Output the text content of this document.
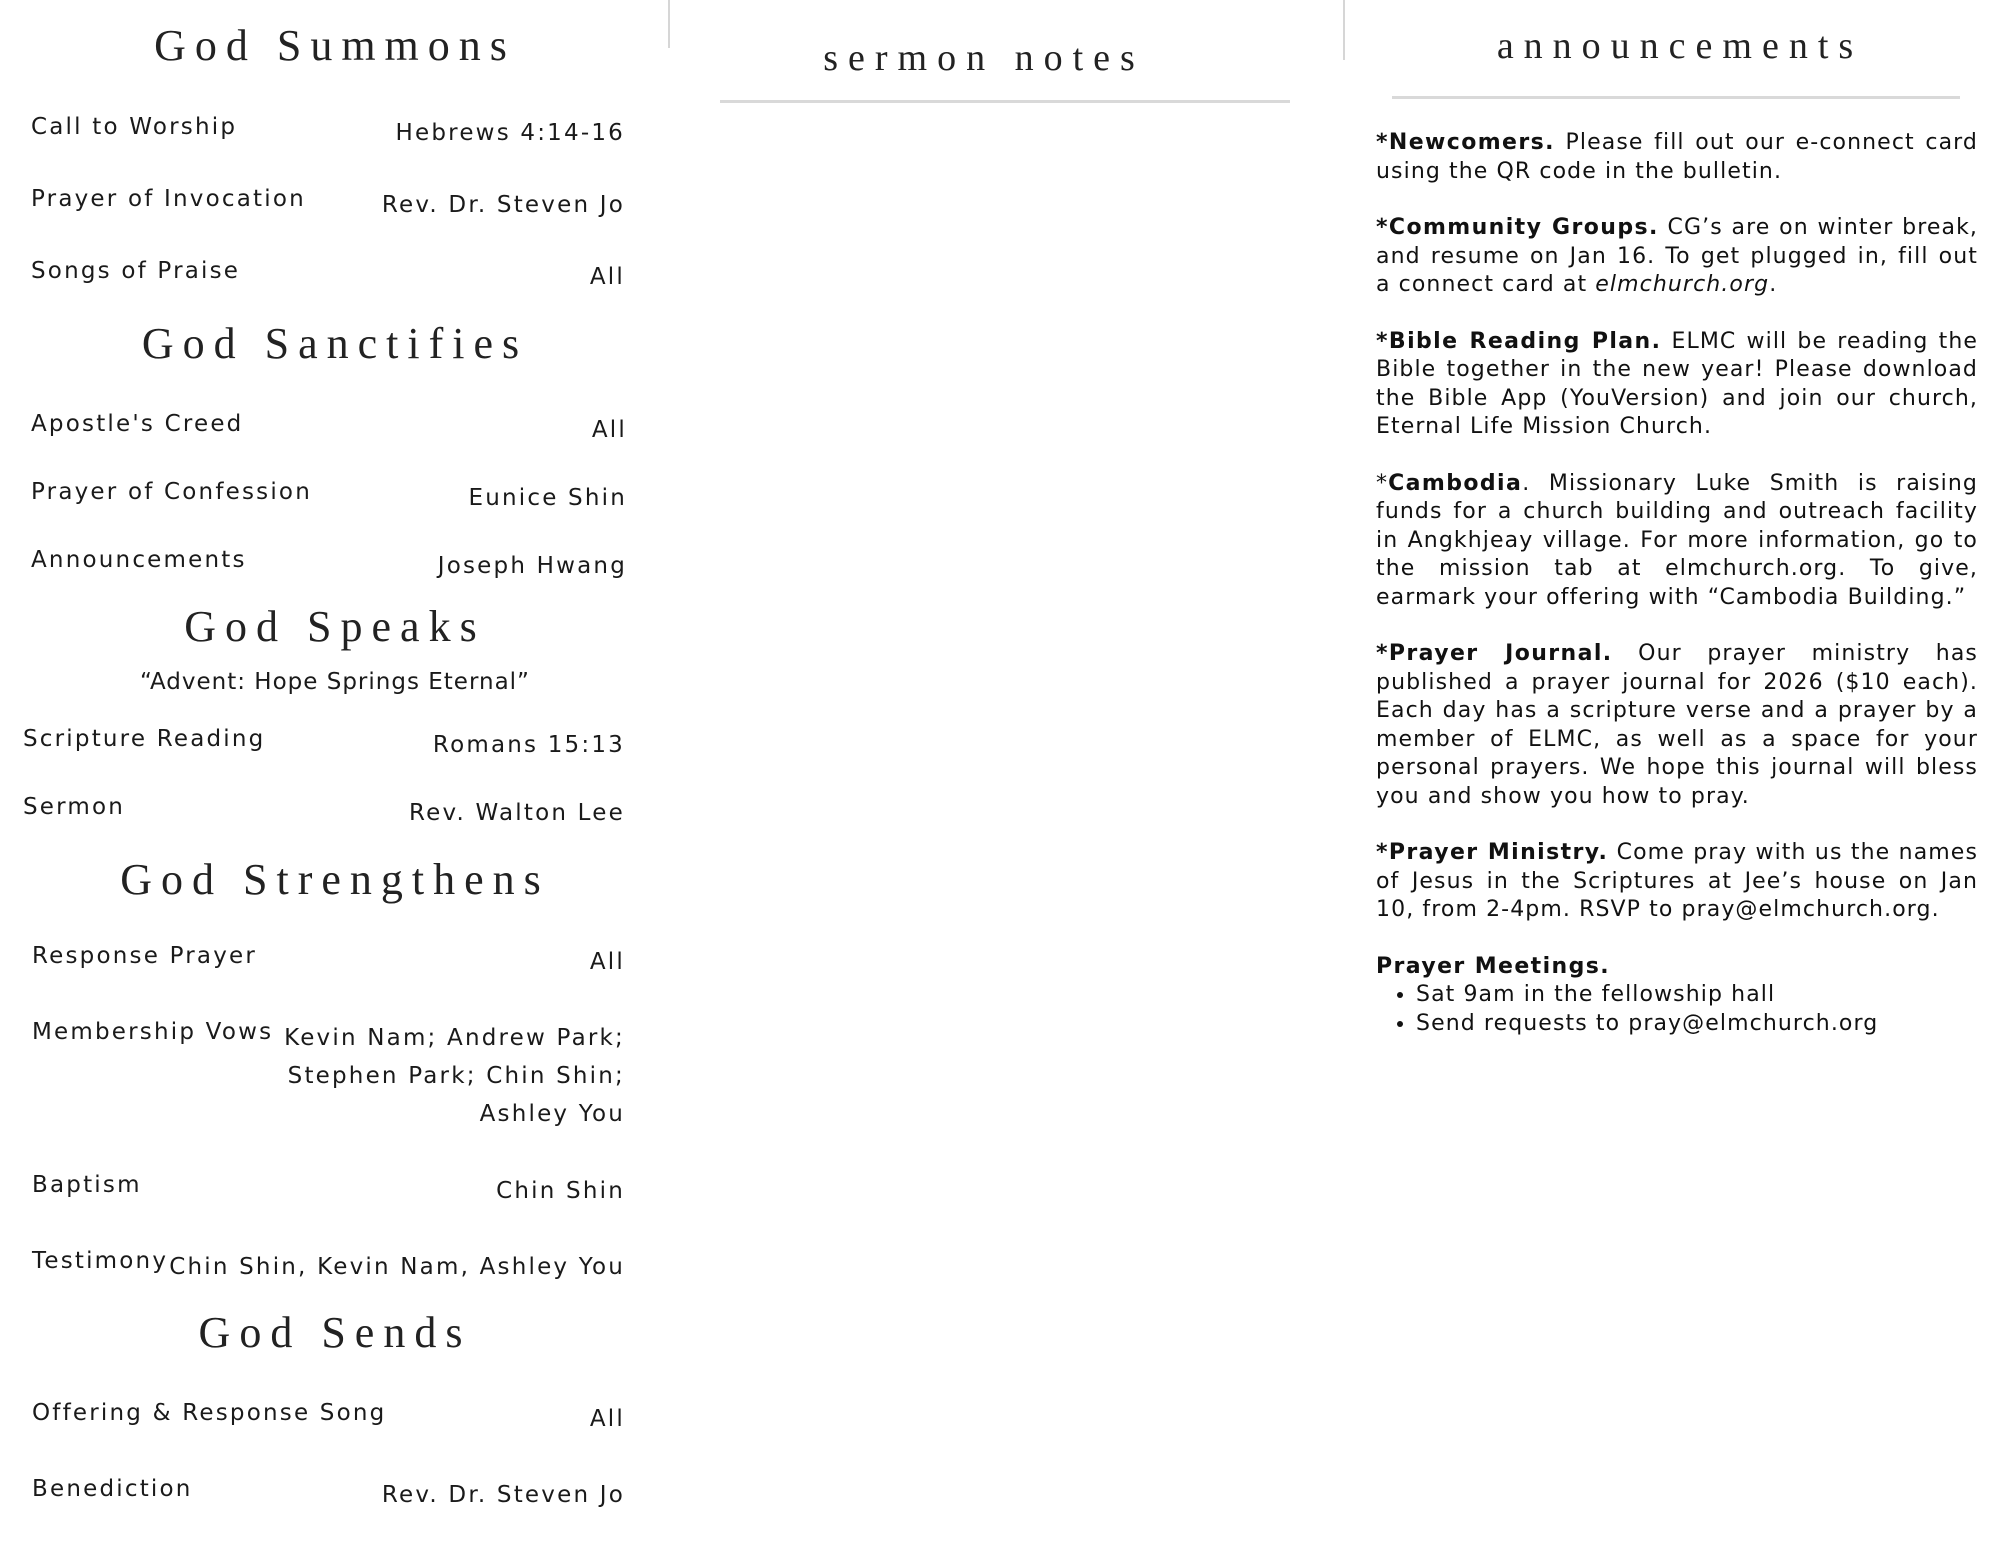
God Summons
Call to Worship	Hebrews 4:14-16
Prayer of Invocation	Rev. Dr. Steven Jo
Songs of Praise	All
God Sanctifies
Apostle's Creed	All
Prayer of Confession	Eunice Shin
Announcements	Joseph Hwang
God Speaks
“Advent: Hope Springs Eternal”
Scripture Reading	Romans 15:13
Sermon	Rev. Walton Lee
God Strengthens
Response Prayer	All
Membership Vows Kevin Nam; Andrew Park;
Stephen Park; Chin Shin;
Ashley You
Baptism	Chin Shin
Testimony Chin Shin, Kevin Nam, Ashley You
God Sends
Offering & Response Song	All
Benediction	Rev. Dr. Steven Jo
sermon notes	announcements

*Newcomers. Please fill out our e-connect card using the QR code in the bulletin.

*Community Groups. CG’s are on winter break, and resume on Jan 16. To get plugged in, fill out a connect card at elmchurch.org.

*Bible Reading Plan. ELMC will be reading the Bible together in the new year! Please download the Bible App (YouVersion) and join our church, Eternal Life Mission Church.

*Cambodia. Missionary Luke Smith is raising funds for a church building and outreach facility in Angkhjeay village. For more information, go to the mission tab at elmchurch.org. To give, earmark your offering with “Cambodia Building.”

*Prayer Journal. Our prayer ministry has published a prayer journal for 2026 ($10 each). Each day has a scripture verse and a prayer by a member of ELMC, as well as a space for your personal prayers. We hope this journal will bless you and show you how to pray.

*Prayer Ministry. Come pray with us the names of Jesus in the Scriptures at Jee’s house on Jan 10, from 2-4pm. RSVP to pray@elmchurch.org.

Prayer Meetings.
• Sat 9am in the fellowship hall
• Send requests to pray@elmchurch.org
